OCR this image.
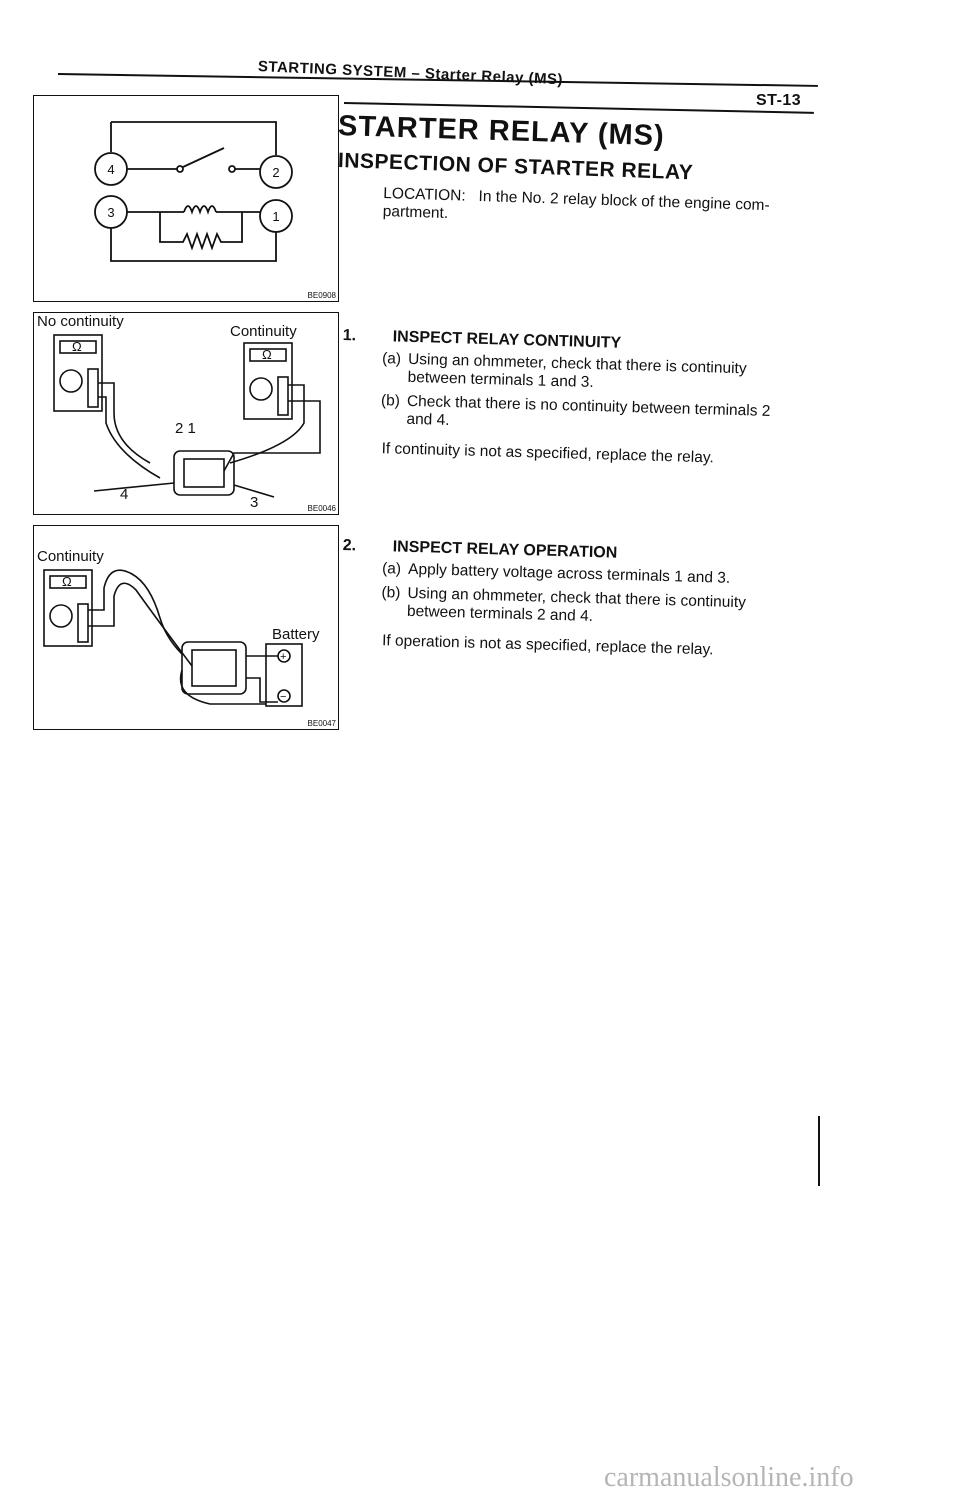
STARTING SYSTEM – Starter Relay (MS)
ST-13
STARTER RELAY (MS)
INSPECTION OF STARTER RELAY
LOCATION: In the No. 2 relay block of the engine com-
partment.
4
3
2
1
BE0908
No continuity
Continuity
Ω
Ω
2 1
4	3	BE0046
Continuity
Battery
Ω
+
−
BE0047
1.	INSPECT RELAY CONTINUITY
(a) Using an ohmmeter, check that there is continuity between terminals 1 and 3.
(b) Check that there is no continuity between terminals 2 and 4.
If continuity is not as specified, replace the relay.
2.	INSPECT RELAY OPERATION
(a) Apply battery voltage across terminals 1 and 3.
(b) Using an ohmmeter, check that there is continuity between terminals 2 and 4.
If operation is not as specified, replace the relay.
carmanualsonline.info
